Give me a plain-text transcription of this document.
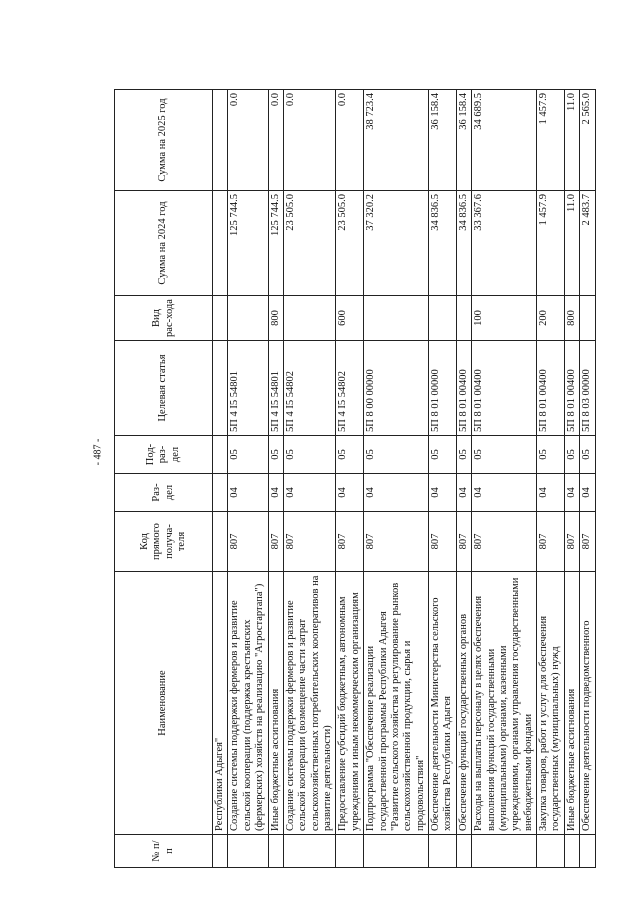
- 487 -
№ п/п	Наименование	Код прямого получа-теля	Раз-дел	Под-раз-дел	Целевая статья	Вид рас-хода	Сумма на 2024 год	Сумма на 2025 год
	Республики Адыгея"							
	Создание системы поддержки фермеров и развитие сельской кооперации (поддержка крестьянских (фермерских) хозяйств на реализацию "Агростартапа")	807	04	05	5П 4 I5 54801		125 744.5	0.0
	Иные бюджетные ассигнования	807	04	05	5П 4 I5 54801	800	125 744.5	0.0
	Создание системы поддержки фермеров и развитие сельской кооперации (возмещение части затрат сельскохозяйственных потребительских кооперативов на развитие деятельности)	807	04	05	5П 4 I5 54802		23 505.0	0.0
	Предоставление субсидий бюджетным, автономным учреждениям и иным некоммерческим организациям	807	04	05	5П 4 I5 54802	600	23 505.0	0.0
	Подпрограмма "Обеспечение реализации государственной программы Республики Адыгея "Развитие сельского хозяйства и регулирование рынков сельскохозяйственной продукции, сырья и продовольствия"	807	04	05	5П 8 00 00000		37 320.2	38 723.4
	Обеспечение деятельности Министерства сельского хозяйства Республики Адыгея	807	04	05	5П 8 01 00000		34 836.5	36 158.4
	Обеспечение функций государственных органов	807	04	05	5П 8 01 00400		34 836.5	36 158.4
	Расходы на выплаты персоналу в целях обеспечения выполнения функций государственными (муниципальными) органами, казенными учреждениями, органами управления государственными внебюджетными фондами	807	04	05	5П 8 01 00400	100	33 367.6	34 689.5
	Закупка товаров, работ и услуг для обеспечения государственных (муниципальных) нужд	807	04	05	5П 8 01 00400	200	1 457.9	1 457.9
	Иные бюджетные ассигнования	807	04	05	5П 8 01 00400	800	11.0	11.0
	Обеспечение деятельности подведомственного	807	04	05	5П 8 03 00000		2 483.7	2 565.0
